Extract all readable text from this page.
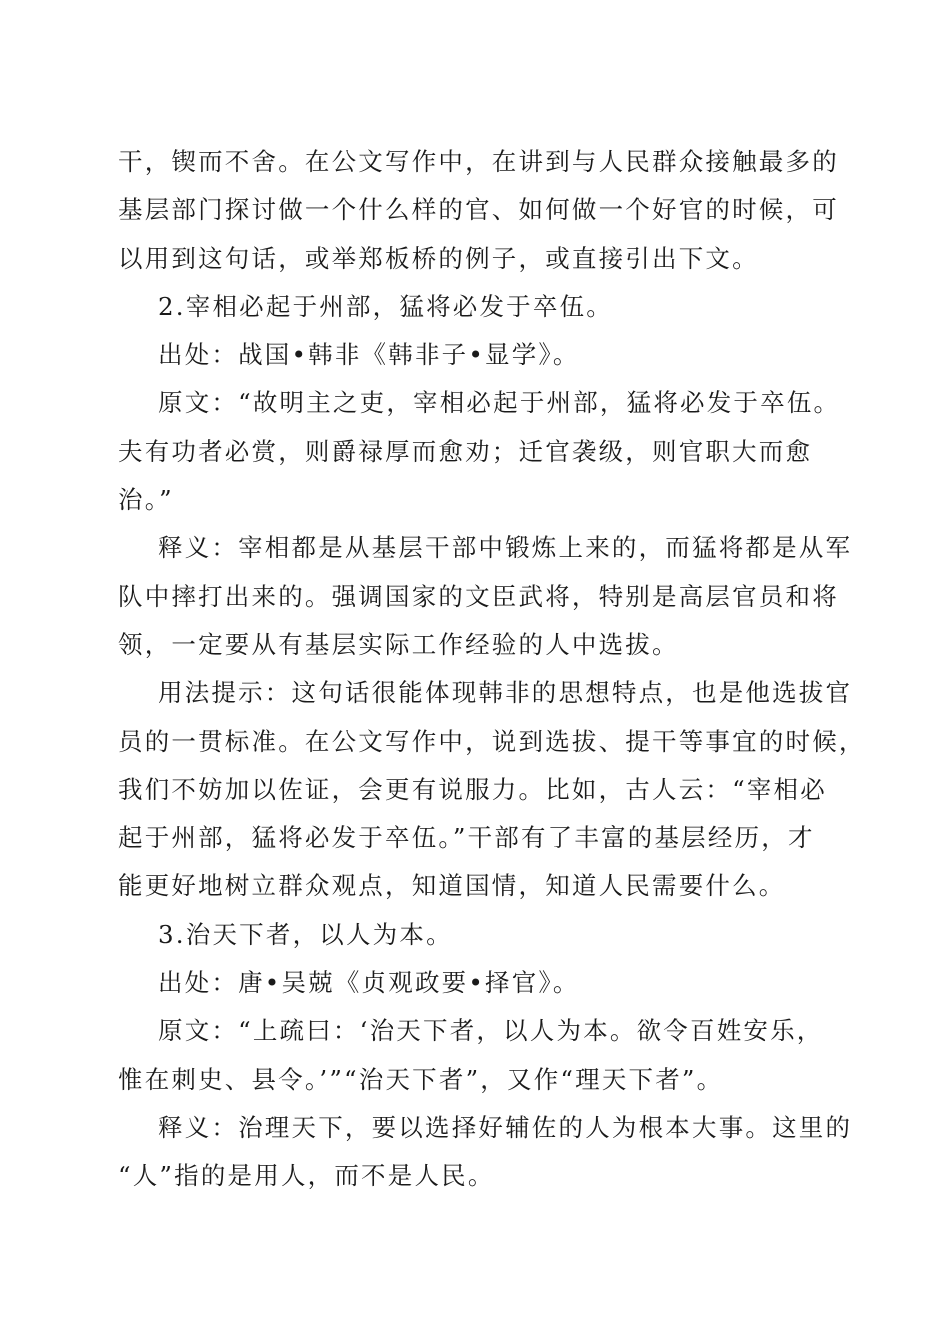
干，锲而不舍。在公文写作中，在讲到与人民群众接触最多的
基层部门探讨做一个什么样的官、如何做一个好官的时候，可
以用到这句话，或举郑板桥的例子，或直接引出下文。
2.宰相必起于州部，猛将必发于卒伍。
出处：战国•韩非《韩非子•显学》。
原文：“故明主之吏，宰相必起于州部，猛将必发于卒伍。
夫有功者必赏，则爵禄厚而愈劝；迁官袭级，则官职大而愈
治。”
释义：宰相都是从基层干部中锻炼上来的，而猛将都是从军
队中摔打出来的。强调国家的文臣武将，特别是高层官员和将
领，一定要从有基层实际工作经验的人中选拔。
用法提示：这句话很能体现韩非的思想特点，也是他选拔官
员的一贯标准。在公文写作中，说到选拔、提干等事宜的时候，
我们不妨加以佐证，会更有说服力。比如，古人云：“宰相必
起于州部，猛将必发于卒伍。”干部有了丰富的基层经历，才
能更好地树立群众观点，知道国情，知道人民需要什么。
3.治天下者，以人为本。
出处：唐•吴兢《贞观政要•择官》。
原文：“上疏曰：‘治天下者，以人为本。欲令百姓安乐，
惟在刺史、县令。’”“治天下者”，又作“理天下者”。
释义：治理天下，要以选择好辅佐的人为根本大事。这里的
“人”指的是用人，而不是人民。
